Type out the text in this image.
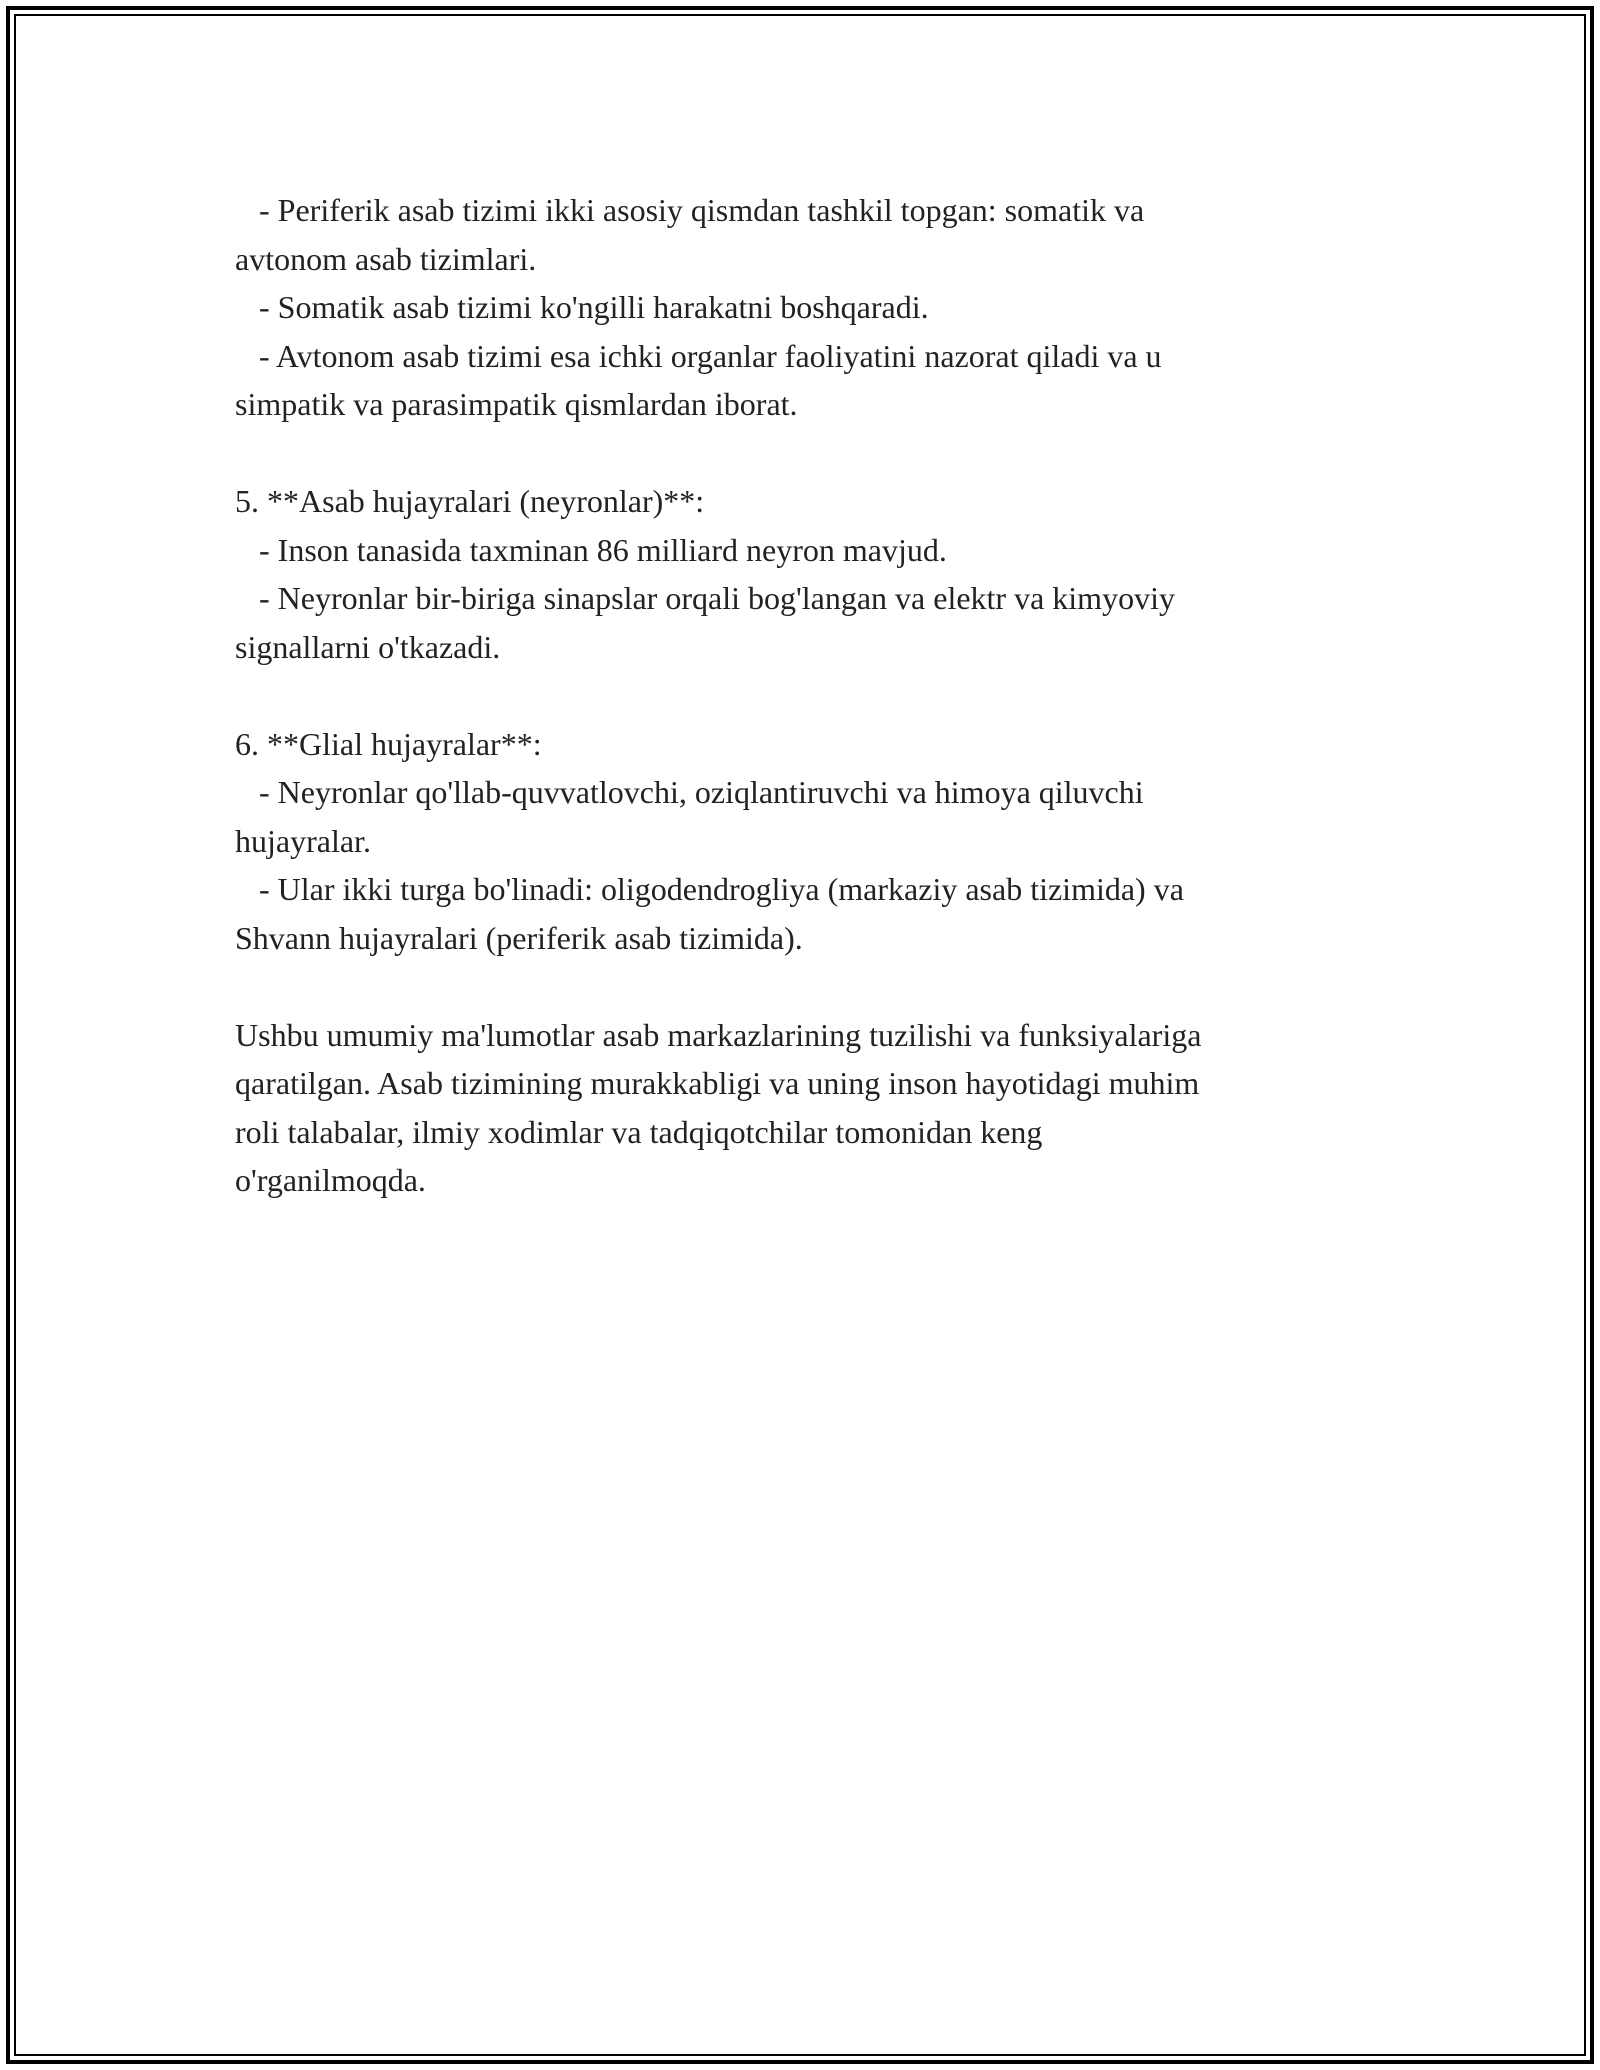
- Periferik asab tizimi ikki asosiy qismdan tashkil topgan: somatik va
avtonom asab tizimlari.
- Somatik asab tizimi ko'ngilli harakatni boshqaradi.
- Avtonom asab tizimi esa ichki organlar faoliyatini nazorat qiladi va u
simpatik va parasimpatik qismlardan iborat.
5. **Asab hujayralari (neyronlar)**:
- Inson tanasida taxminan 86 milliard neyron mavjud.
- Neyronlar bir-biriga sinapslar orqali bog'langan va elektr va kimyoviy
signallarni o'tkazadi.
6. **Glial hujayralar**:
- Neyronlar qo'llab-quvvatlovchi, oziqlantiruvchi va himoya qiluvchi
hujayralar.
- Ular ikki turga bo'linadi: oligodendrogliya (markaziy asab tizimida) va
Shvann hujayralari (periferik asab tizimida).
Ushbu umumiy ma'lumotlar asab markazlarining tuzilishi va funksiyalariga
qaratilgan. Asab tizimining murakkabligi va uning inson hayotidagi muhim
roli talabalar, ilmiy xodimlar va tadqiqotchilar tomonidan keng
o'rganilmoqda.
